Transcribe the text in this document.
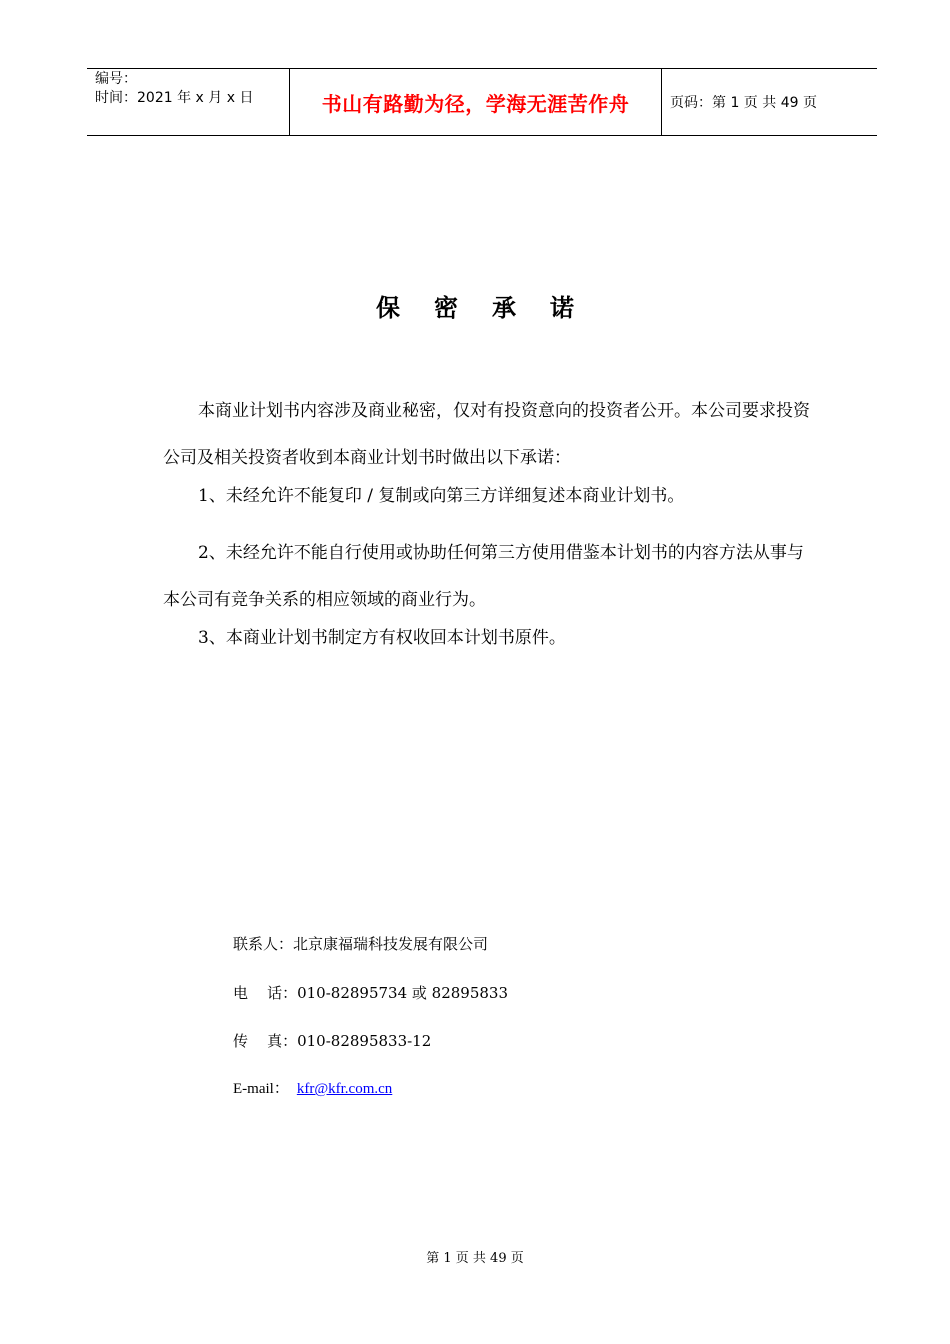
编号：
时间：2021 年 x 月 x 日	书山有路勤为径，学海无涯苦作舟	页码：第 1 页 共 49 页
保密承诺
本商业计划书内容涉及商业秘密，仅对有投资意向的投资者公开。本公司要求投资公司及相关投资者收到本商业计划书时做出以下承诺：
1、未经允许不能复印 / 复制或向第三方详细复述本商业计划书。
2、未经允许不能自行使用或协助任何第三方使用借鉴本计划书的内容方法从事与本公司有竞争关系的相应领域的商业行为。
3、本商业计划书制定方有权收回本计划书原件。
联系人：北京康福瑞科技发展有限公司
电    话：010-82895734 或 82895833
传    真：010-82895833-12
E-mail： kfr@kfr.com.cn
第 1 页 共 49 页
